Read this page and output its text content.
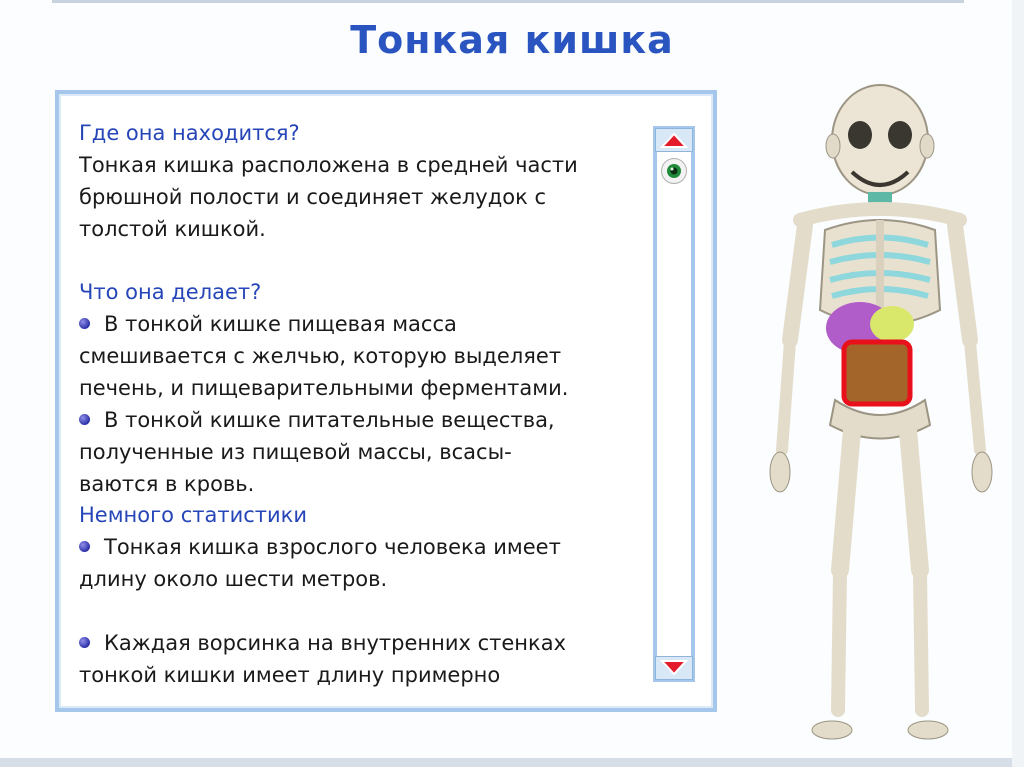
Тонкая кишка

Где она находится?

Тонкая кишка расположена в средней части

брюшной полости и соединяет желудок с

толстой кишкой.

Что она делает?

В тонкой кишке пищевая масса

смешивается с желчью, которую выделяет

печень, и пищеварительными ферментами.

В тонкой кишке питательные вещества,

полученные из пищевой массы, всасы-

ваются в кровь.

Немного статистики

Тонкая кишка взрослого человека имеет

длину около шести метров.

Каждая ворсинка на внутренних стенках

тонкой кишки имеет длину примерно
